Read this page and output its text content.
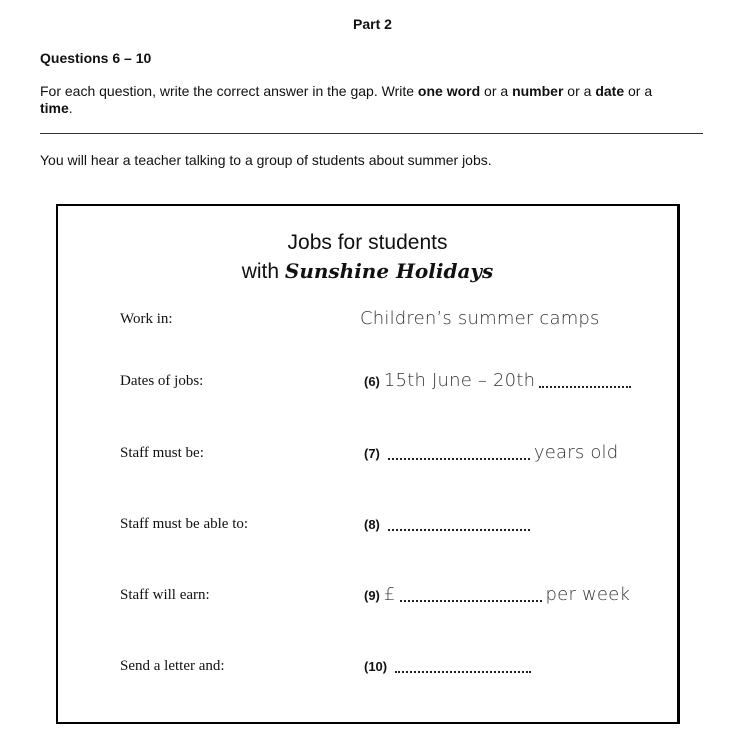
Part 2
Questions 6 – 10
For each question, write the correct answer in the gap. Write one word or a number or a date or a
time.
You will hear a teacher talking to a group of students about summer jobs.
Jobs for students
with Sunshine Holidays
Work in:	Children’s summer camps
Dates of jobs:	(6) 15th June – 20th
Staff must be:	(7)	years old
Staff must be able to:	(8)
Staff will earn:	(9) £	per week
Send a letter and:	(10)
